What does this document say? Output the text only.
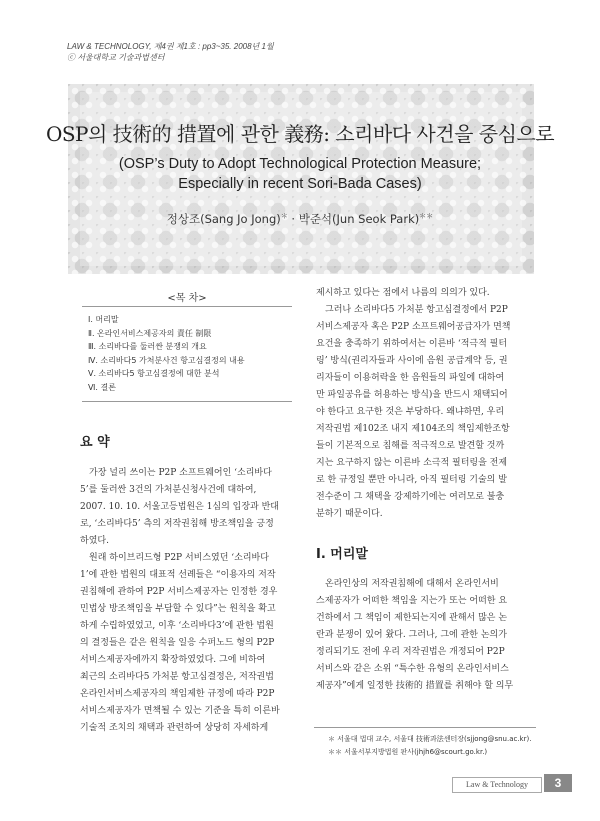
LAW & TECHNOLOGY, 제4권 제1호 : pp3~35. 2008년 1월
ⓒ 서울대학교 기술과법센터
OSP의 技術的 措置에 관한 義務: 소리바다 사건을 중심으로
(OSP’s Duty to Adopt Technological Protection Measure;
Especially in recent Sori-Bada Cases)
정상조(Sang Jo Jong)＊ · 박준석(Jun Seok Park)＊＊
<목 차>
Ⅰ. 머리말
Ⅱ. 온라인서비스제공자의 責任 制限
Ⅲ. 소리바다를 둘러싼 분쟁의 개요
Ⅳ. 소리바다5 가처분사건 항고심결정의 내용
Ⅴ. 소리바다5 항고심결정에 대한 분석
Ⅵ. 결론
요 약

가장 널리 쓰이는 P2P 소프트웨어인 ‘소리바다
5’를 둘러싼 3건의 가처분신청사건에 대하여,
2007. 10. 10. 서울고등법원은 1심의 입장과 반대
로, ‘소리바다5’ 측의 저작권침해 방조책임을 긍정
하였다.

원래 하이브리드형 P2P 서비스였던 ‘소리바다
1’에 관한 법원의 대표적 선례들은 “이용자의 저작
권침해에 관하여 P2P 서비스제공자는 인정한 경우
민법상 방조책임을 부담할 수 있다”는 원칙을 확고
하게 수립하였었고, 이후 ‘소리바다3’에 관한 법원
의 결정들은 같은 원칙을 일응 수퍼노드 형의 P2P
서비스제공자에까지 확장하였었다. 그에 비하여
최근의 소리바다5 가처분 항고심결정은, 저작권법
온라인서비스제공자의 책임제한 규정에 따라 P2P
서비스제공자가 면책될 수 있는 기준을 특히 이른바
기술적 조치의 채택과 관련하여 상당히 자세하게

제시하고 있다는 점에서 나름의 의의가 있다.

그러나 소리바다5 가처분 항고심결정에서 P2P
서비스제공자 혹은 P2P 소프트웨어공급자가 면책
요건을 충족하기 위하여서는 이른바 ‘적극적 필터
링’ 방식(권리자들과 사이에 음원 공급계약 등, 권
리자들이 이용허락을 한 음원들의 파일에 대하여
만 파일공유를 허용하는 방식)을 반드시 채택되어
야 한다고 요구한 것은 부당하다. 왜냐하면, 우리
저작권법 제102조 내지 제104조의 책임제한조항
들이 기본적으로 침해를 적극적으로 발견할 것까
지는 요구하지 않는 이른바 소극적 필터링을 전제
로 한 규정일 뿐만 아니라, 아직 필터링 기술의 발
전수준이 그 채택을 강제하기에는 여러모로 불충
분하기 때문이다.

Ⅰ. 머리말

온라인상의 저작권침해에 대해서 온라인서비
스제공자가 어떠한 책임을 지는가 또는 어떠한 요
건하에서 그 책임이 제한되는지에 관해서 많은 논
란과 분쟁이 있어 왔다. 그러나, 그에 관한 논의가
정리되기도 전에 우리 저작권법은 개정되어 P2P
서비스와 같은 소위 “특수한 유형의 온라인서비스
제공자”에게 일정한 技術的 措置를 취해야 할 의무

＊ 서울대 법대 교수, 서울대 技術과法센터장(sjjong@snu.ac.kr).
＊＊ 서울서부지방법원 판사(jhjh6@scourt.go.kr.)
Law & Technology	3
